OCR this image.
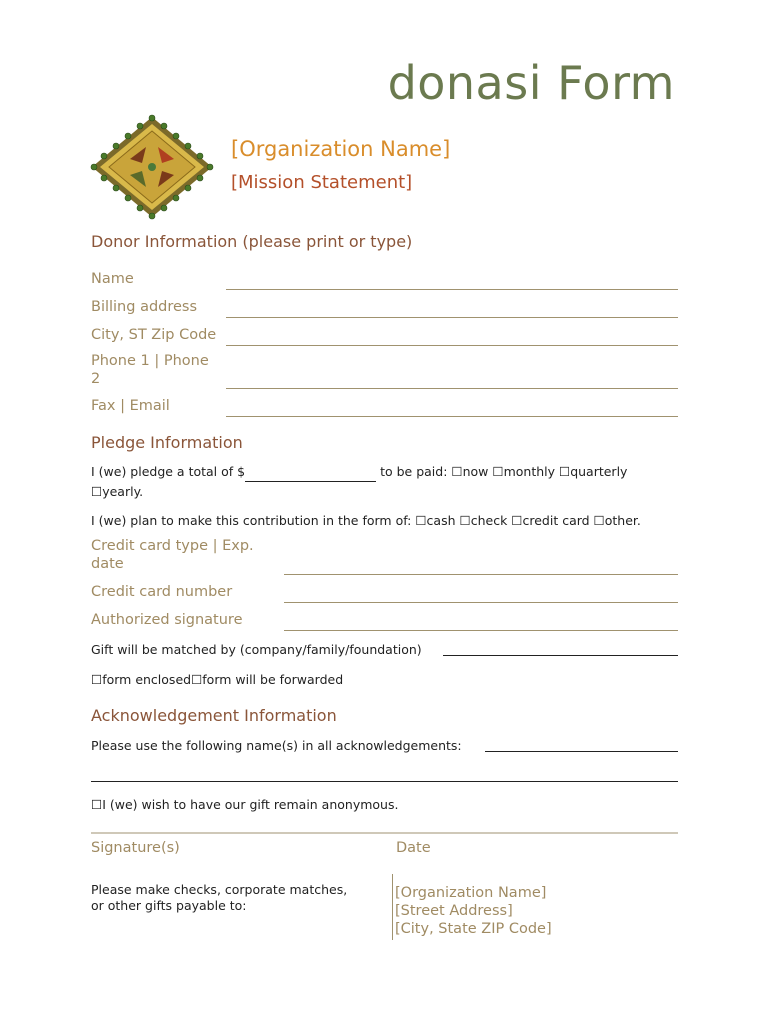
donasi Form
[Organization Name]
[Mission Statement]
Donor Information (please print or type)
Name
Billing address
City, ST Zip Code
Phone 1 | Phone
2
Fax | Email
Pledge Information
I (we) pledge a total of $	to be paid: ☐now ☐monthly ☐quarterly
☐yearly.
I (we) plan to make this contribution in the form of: ☐cash ☐check ☐credit card ☐other.
Credit card type | Exp.
date
Credit card number
Authorized signature
Gift will be matched by (company/family/foundation)
☐form enclosed☐form will be forwarded
Acknowledgement Information
Please use the following name(s) in all acknowledgements:
☐I (we) wish to have our gift remain anonymous.
Signature(s)	Date
Please make checks, corporate matches,
or other gifts payable to:
[Organization Name]
[Street Address]
[City, State ZIP Code]
